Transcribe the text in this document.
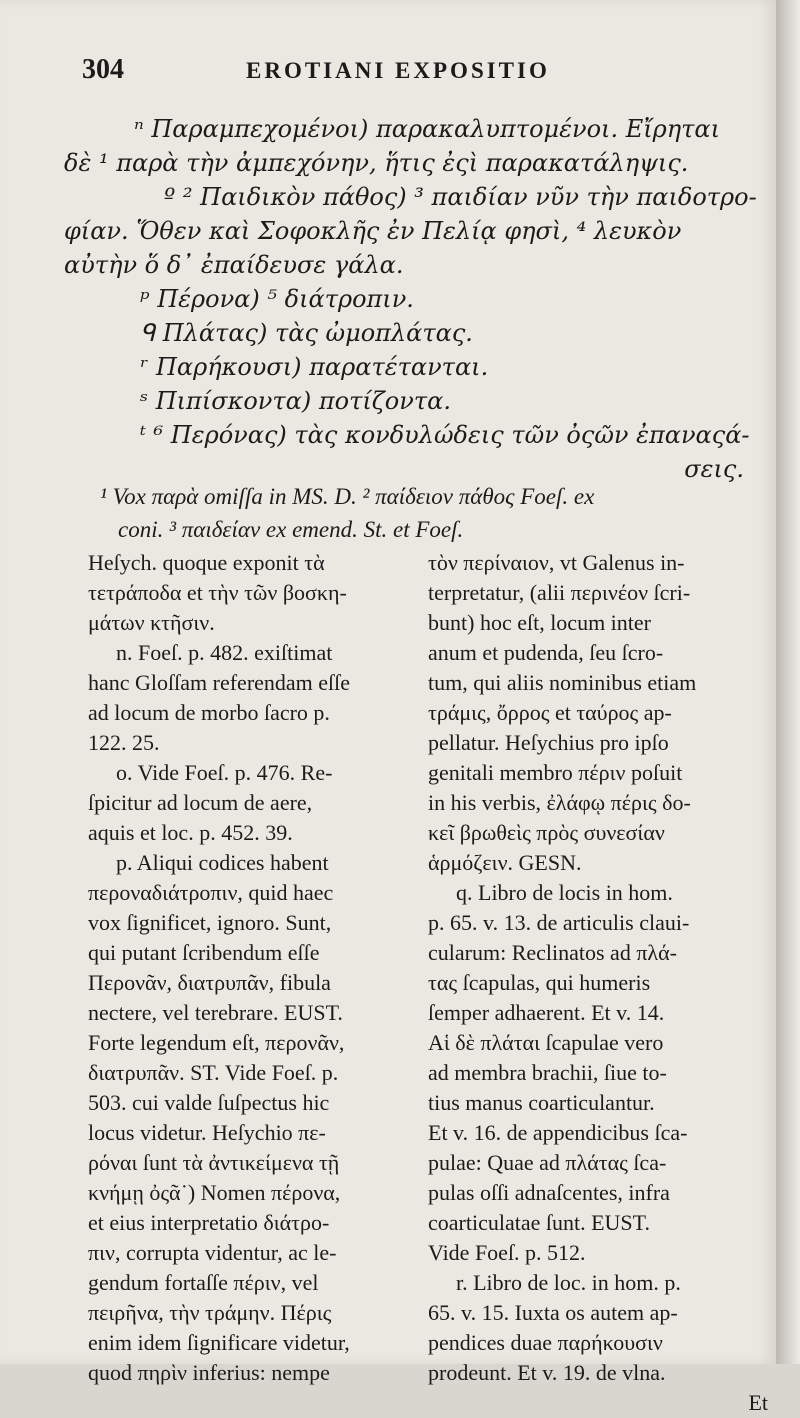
304	EROTIANI EXPOSITIO
ⁿ Παραμπεχομένοι) παρακαλυπτομένοι. Εἴρηται
δὲ ¹ παρὰ τὴν ἀμπεχόνην, ἥτις ἐςὶ παρακατάληψις.
º ² Παιδικὸν πάθος) ³ παιδίαν νῦν τὴν παιδοτρο-
φίαν. Ὅθεν καὶ Σοφοκλῆς ἐν Πελίᾳ φησὶ, ⁴ λευκὸν
αὐτὴν ὅ δ᾽ ἐπαίδευσε γάλα.
ᵖ Πέρονα) ⁵ διάτροπιν.
ᑫ Πλάτας) τὰς ὠμοπλάτας.
ʳ Παρήκουσι) παρατέτανται.
ˢ Πιπίσκοντα) ποτίζοντα.
ᵗ ⁶ Περόνας) τὰς κονδυλώδεις τῶν ὀςῶν ἐπαναςά-
σεις.
¹ Vox παρὰ omiſſa in MS. D. ² παίδειον πάθος Foeſ. ex
coni. ³ παιδείαν ex emend. St. et Foeſ.
Heſych. quoque exponit τὰ
τετράποδα et τὴν τῶν βοσκη-
μάτων κτῆσιν.
n. Foeſ. p. 482. exiſtimat
hanc Gloſſam referendam eſſe
ad locum de morbo ſacro p.
122. 25.
o. Vide Foeſ. p. 476. Re-
ſpicitur ad locum de aere,
aquis et loc. p. 452. 39.
p. Aliqui codices habent
περοναδιάτροπιν, quid haec
vox ſignificet, ignoro. Sunt,
qui putant ſcribendum eſſe
Περονᾶν, διατρυπᾶν, fibula
nectere, vel terebrare. EUST.
Forte legendum eſt, περονᾶν,
διατρυπᾶν. ST. Vide Foeſ. p.
503. cui valde ſuſpectus hic
locus videtur. Heſychio πε-
ρόναι ſunt τὰ ἀντικείμενα τῇ
κνήμῃ ὀςᾶ˙) Nomen πέρονα,
et eius interpretatio διάτρο-
πιν, corrupta videntur, ac le-
gendum fortaſſe πέριν, vel
πειρῆνα, τὴν τράμην. Πέρις
enim idem ſignificare videtur,
quod πηρὶν inferius: nempe
τὸν περίναιον, vt Galenus in-
terpretatur, (alii περινέον ſcri-
bunt) hoc eſt, locum inter
anum et pudenda, ſeu ſcro-
tum, qui aliis nominibus etiam
τράμις, ὄρρος et ταύρος ap-
pellatur. Heſychius pro ipſo
genitali membro πέριν poſuit
in his verbis, ἐλάφῳ πέρις δο-
κεῖ βρωθεὶς πρὸς συνεσίαν
ἁρμόζειν. GESN.
q. Libro de locis in hom.
p. 65. v. 13. de articulis claui-
cularum: Reclinatos ad πλά-
τας ſcapulas, qui humeris
ſemper adhaerent. Et v. 14.
Αἱ δὲ πλάται ſcapulae vero
ad membra brachii, ſiue to-
tius manus coarticulantur.
Et v. 16. de appendicibus ſca-
pulae: Quae ad πλάτας ſca-
pulas oſſi adnaſcentes, infra
coarticulatae ſunt. EUST.
Vide Foeſ. p. 512.
r. Libro de loc. in hom. p.
65. v. 15. Iuxta os autem ap-
pendices duae παρήκουσιν
prodeunt. Et v. 19. de vlna.
Et
